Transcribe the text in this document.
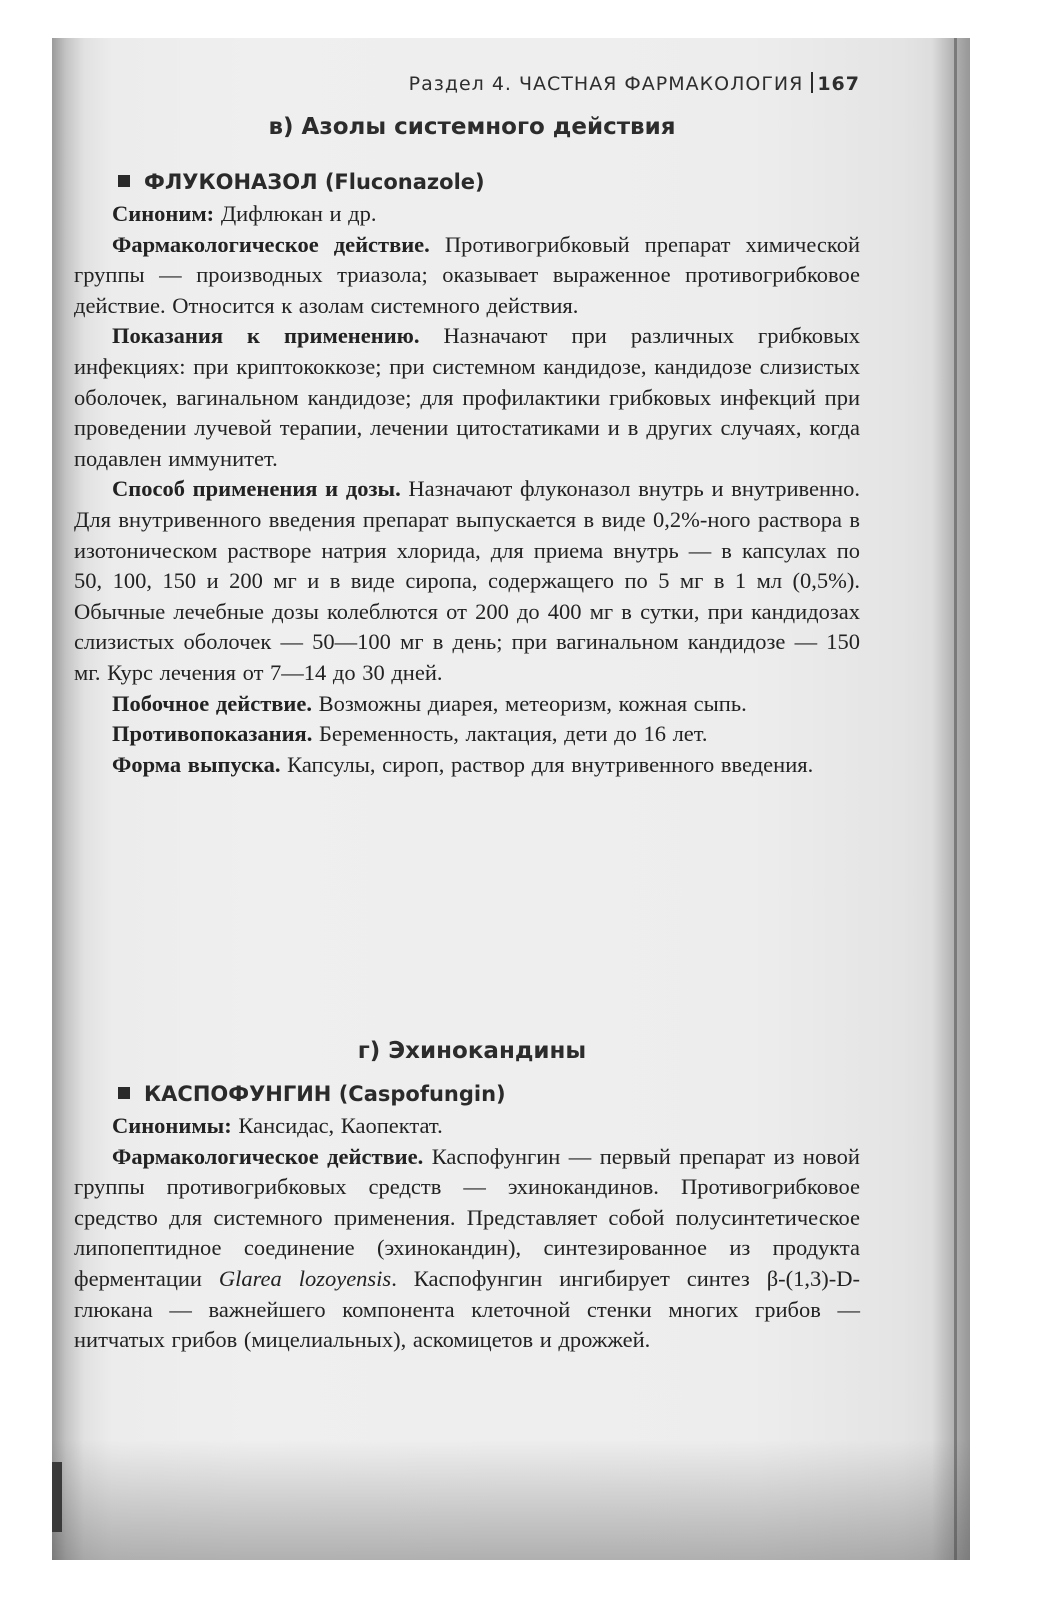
Раздел 4. ЧАСТНАЯ ФАРМАКОЛОГИЯ 167
в) Азолы системного действия
ФЛУКОНАЗОЛ (Fluconazole)

Синоним: Дифлюкан и др.

Фармакологическое действие. Противогрибковый препарат химической группы — производных триазола; оказывает выраженное противогрибковое действие. Относится к азолам системного действия.

Показания к применению. Назначают при различных грибковых инфекциях: при криптококкозе; при системном кандидозе, кандидозе слизистых оболочек, вагинальном кандидозе; для профилактики грибковых инфекций при проведении лучевой терапии, лечении цитостатиками и в других случаях, когда подавлен иммунитет.

Способ применения и дозы. Назначают флуконазол внутрь и внутривенно. Для внутривенного введения препарат выпускается в виде 0,2%-ного раствора в изотоническом растворе натрия хлорида, для приема внутрь — в капсулах по 50, 100, 150 и 200 мг и в виде сиропа, содержащего по 5 мг в 1 мл (0,5%). Обычные лечебные дозы колеблются от 200 до 400 мг в сутки, при кандидозах слизистых оболочек — 50—100 мг в день; при вагинальном кандидозе — 150 мг. Курс лечения от 7—14 до 30 дней.

Побочное действие. Возможны диарея, метеоризм, кожная сыпь.

Противопоказания. Беременность, лактация, дети до 16 лет.

Форма выпуска. Капсулы, сироп, раствор для внутривенного введения.

г) Эхинокандины
КАСПОФУНГИН (Caspofungin)

Синонимы: Кансидас, Каопектат.

Фармакологическое действие. Каспофунгин — первый препарат из новой группы противогрибковых средств — эхинокандинов. Противогрибковое средство для системного применения. Представляет собой полусинтетическое липопептидное соединение (эхинокандин), синтезированное из продукта ферментации Glarea lozoyensis. Каспофунгин ингибирует синтез β-(1,3)-D-глюкана — важнейшего компонента клеточной стенки многих грибов — нитчатых грибов (мицелиальных), аскомицетов и дрожжей.
